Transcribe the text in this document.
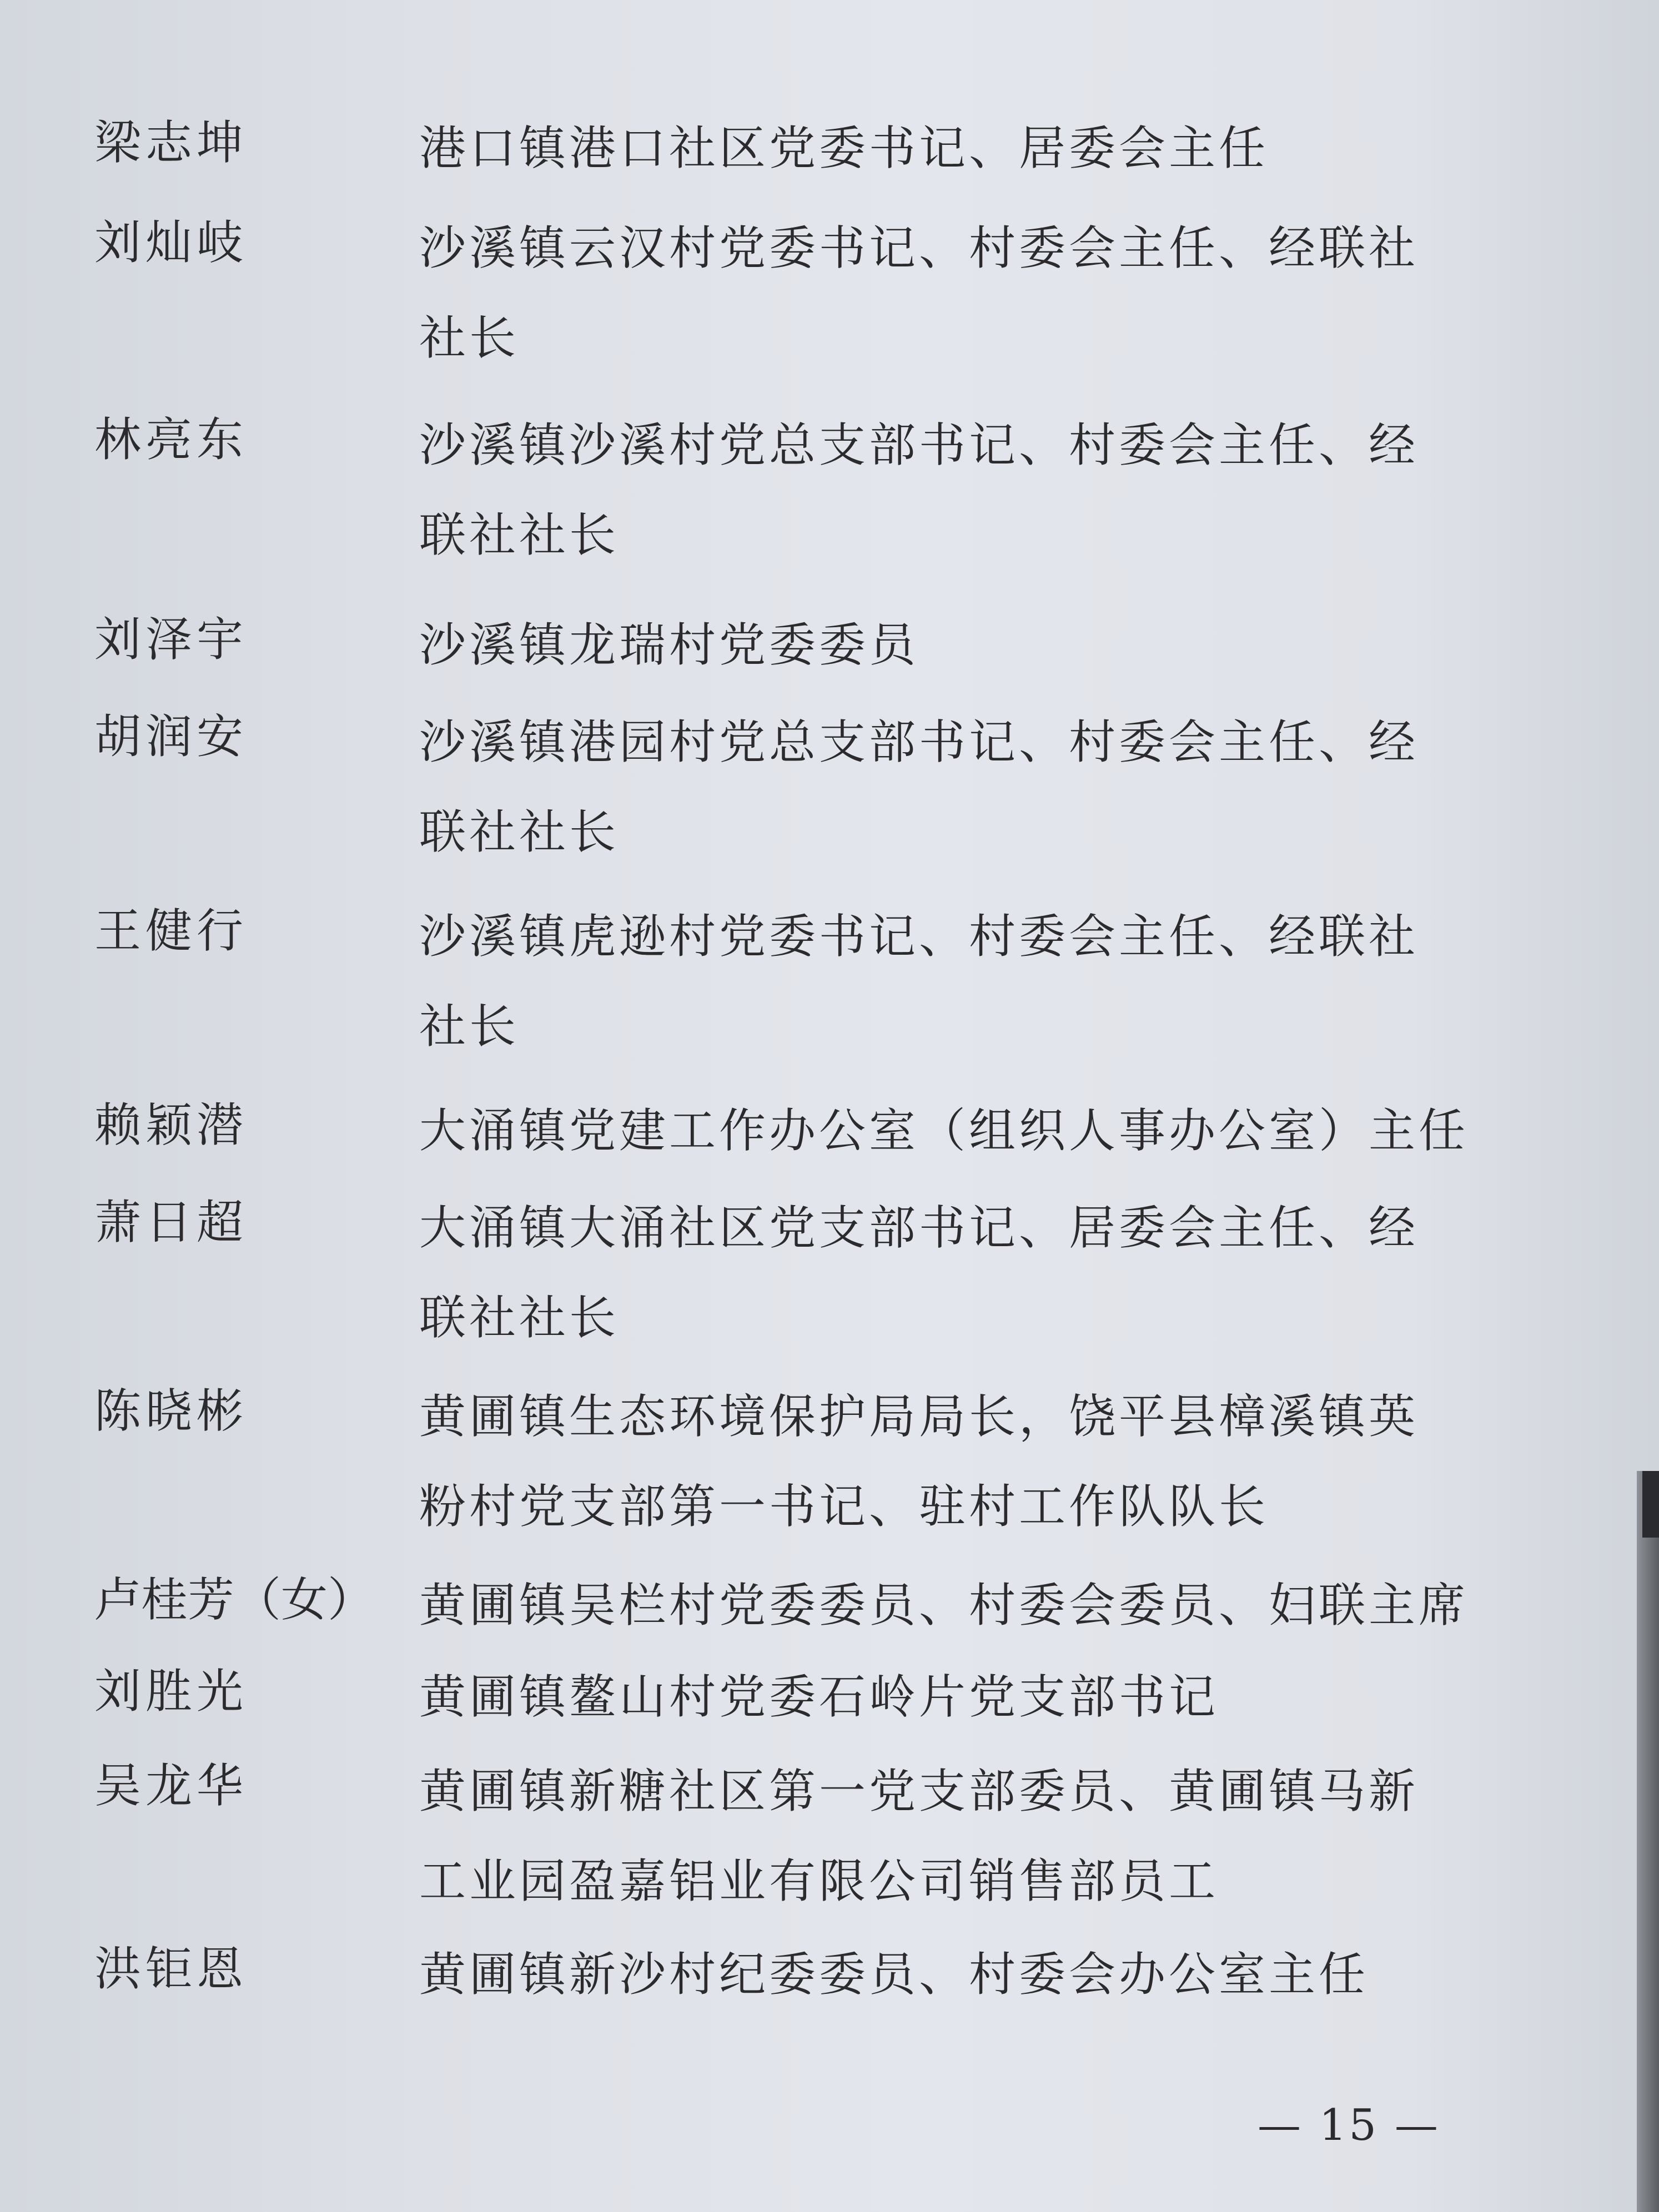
梁志坤	港口镇港口社区党委书记、居委会主任
刘灿岐	沙溪镇云汉村党委书记、村委会主任、经联社
社长
林亮东	沙溪镇沙溪村党总支部书记、村委会主任、经
联社社长
刘泽宇	沙溪镇龙瑞村党委委员
胡润安	沙溪镇港园村党总支部书记、村委会主任、经
联社社长
王健行	沙溪镇虎逊村党委书记、村委会主任、经联社
社长
赖颖潜	大涌镇党建工作办公室（组织人事办公室）主任
萧日超	大涌镇大涌社区党支部书记、居委会主任、经
联社社长
陈晓彬	黄圃镇生态环境保护局局长，饶平县樟溪镇英
粉村党支部第一书记、驻村工作队队长
卢桂芳（女） 黄圃镇吴栏村党委委员、村委会委员、妇联主席
刘胜光	黄圃镇鳌山村党委石岭片党支部书记
吴龙华	黄圃镇新糖社区第一党支部委员、黄圃镇马新
工业园盈嘉铝业有限公司销售部员工
洪钜恩	黄圃镇新沙村纪委委员、村委会办公室主任
— 15 —
